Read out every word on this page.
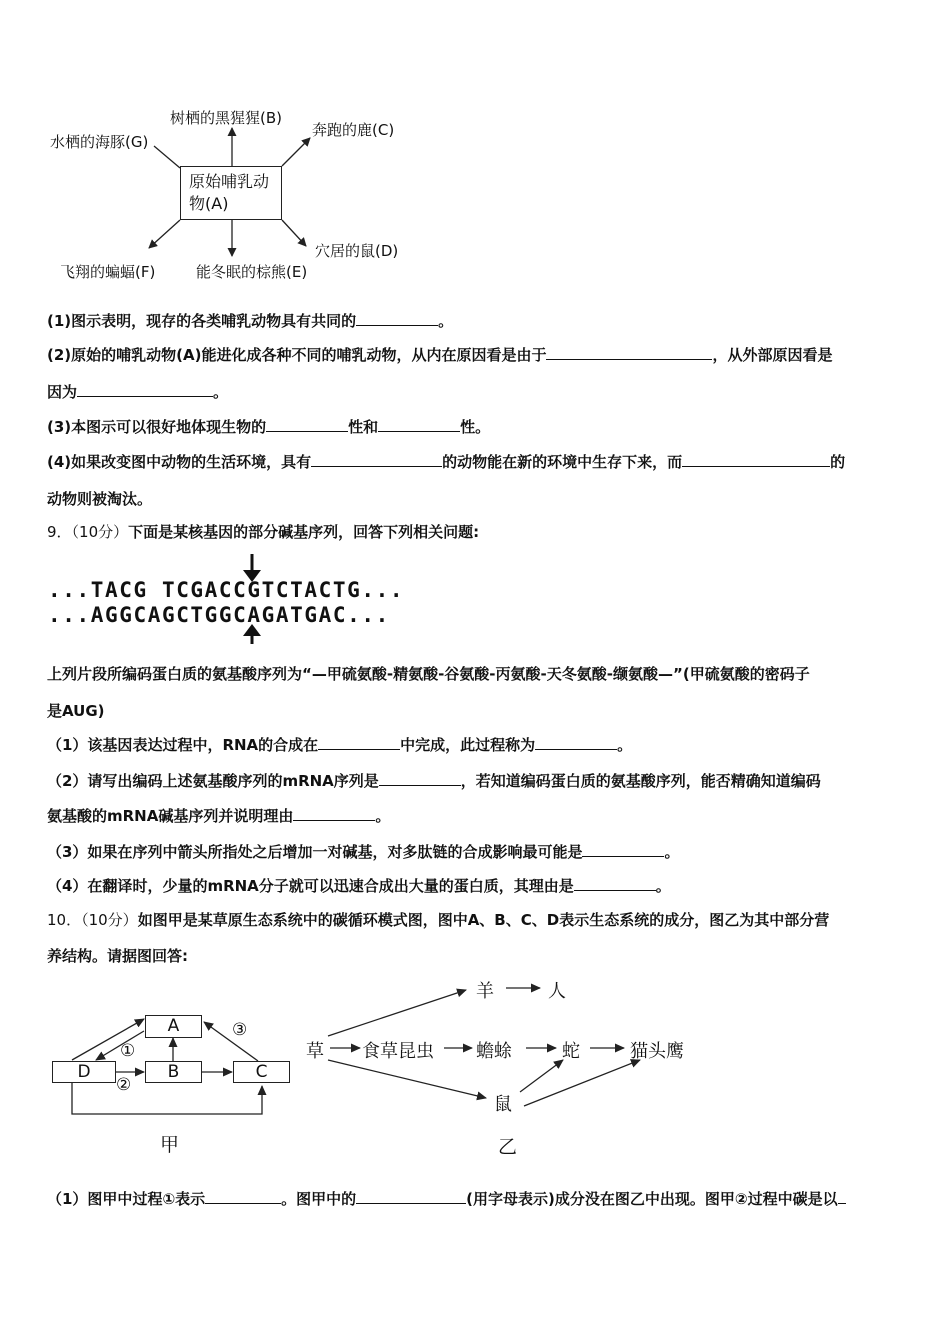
原始哺乳动
物(A)
树栖的黑猩猩(B)
奔跑的鹿(C)
水栖的海豚(G)
穴居的鼠(D)
飞翔的蝙蝠(F)	能冬眠的棕熊(E)
(1)图示表明，现存的各类哺乳动物具有共同的	。
(2)原始的哺乳动物(A)能进化成各种不同的哺乳动物，从内在原因看是由于	，从外部原因看是
因为	。
(3)本图示可以很好地体现生物的	性和	性。
(4)如果改变图中动物的生活环境，具有	的动物能在新的环境中生存下来，而	的
动物则被淘汰。
9．（10分）下面是某核基因的部分碱基序列，回答下列相关问题:
...TACG TCGACCGTCTACTG...
...AGGCAGCTGGCAGATGAC...
上列片段所编码蛋白质的氨基酸序列为“—甲硫氨酸-精氨酸-谷氨酸-丙氨酸-天冬氨酸-缬氨酸—”(甲硫氨酸的密码子
是AUG)
（1）该基因表达过程中，RNA的合成在	中完成，此过程称为	。
（2）请写出编码上述氨基酸序列的mRNA序列是	，若知道编码蛋白质的氨基酸序列，能否精确知道编码
氨基酸的mRNA碱基序列并说明理由	。
（3）如果在序列中箭头所指处之后增加一对碱基，对多肽链的合成影响最可能是	。
（4）在翻译时，少量的mRNA分子就可以迅速合成出大量的蛋白质，其理由是	。
10．（10分）如图甲是某草原生态系统中的碳循环模式图，图中A、B、C、D表示生态系统的成分，图乙为其中部分营
养结构。请据图回答:
A
D	B	C
①
②
③
甲
草
羊	人
食草昆虫 蟾蜍	蛇	猫头鹰
鼠
乙
（1）图甲中过程①表示	。图甲中的	(用字母表示)成分没在图乙中出现。图甲②过程中碳是以
